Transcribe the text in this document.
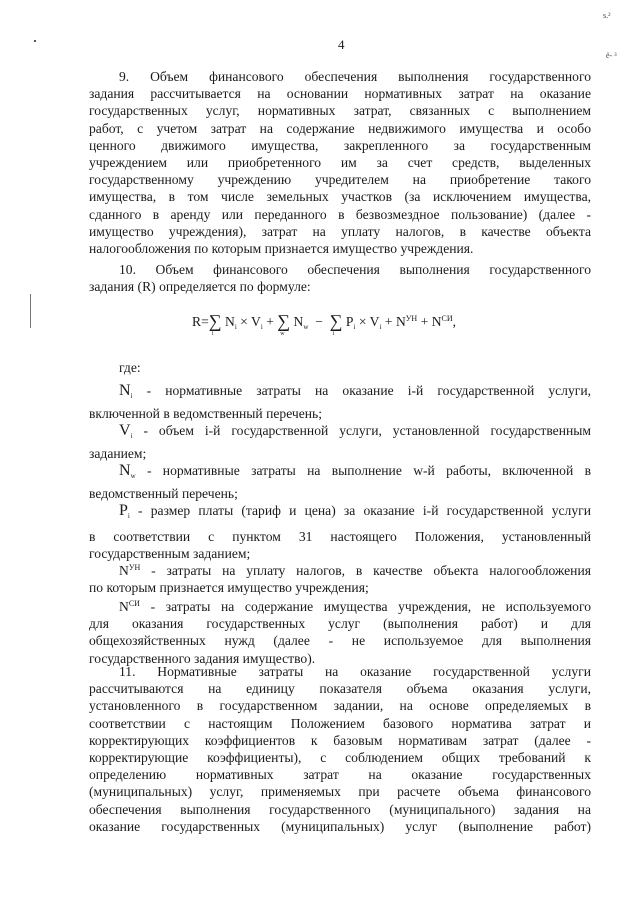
4
s.²
ё- ³
9. Объем финансового обеспечения выполнения государственного
задания рассчитывается на основании нормативных затрат на оказание
государственных услуг, нормативных затрат, связанных с выполнением
работ, с учетом затрат на содержание недвижимого имущества и особо
ценного движимого имущества, закрепленного за государственным
учреждением или приобретенного им за счет средств, выделенных
государственному учреждению учредителем на приобретение такого
имущества, в том числе земельных участков (за исключением имущества,
сданного в аренду или переданного в безвозмездное пользование) (далее -
имущество учреждения), затрат на уплату налогов, в качестве объекта
налогообложения по которым признается имущество учреждения.
10. Объем финансового обеспечения выполнения государственного
задания (R) определяется по формуле:
R=∑
i
$N_i \times V_i$ + ∑
w
$N_w$ − ∑
i
$P_i \times V_i + N^{УН} + N^{СИ}$,
где:
$N_i$ - нормативные затраты на оказание i-й государственной услуги,
включенной в ведомственный перечень;
$V_i$ - объем i-й государственной услуги, установленной государственным
заданием;
$N_w$ - нормативные затраты на выполнение w-й работы, включенной в
ведомственный перечень;
$P_i$ - размер платы (тариф и цена) за оказание i-й государственной услуги
в соответствии с пунктом 31 настоящего Положения, установленный
государственным заданием;
$N^{УН}$ - затраты на уплату налогов, в качестве объекта налогообложения
по которым признается имущество учреждения;
$N^{СИ}$ - затраты на содержание имущества учреждения, не используемого
для оказания государственных услуг (выполнения работ) и для
общехозяйственных нужд (далее - не используемое для выполнения
государственного задания имущество).
11. Нормативные затраты на оказание государственной услуги
рассчитываются на единицу показателя объема оказания услуги,
установленного в государственном задании, на основе определяемых в
соответствии с настоящим Положением базового норматива затрат и
корректирующих коэффициентов к базовым нормативам затрат (далее -
корректирующие коэффициенты), с соблюдением общих требований к
определению нормативных затрат на оказание государственных
(муниципальных) услуг, применяемых при расчете объема финансового
обеспечения выполнения государственного (муниципального) задания на
оказание государственных (муниципальных) услуг (выполнение работ)
